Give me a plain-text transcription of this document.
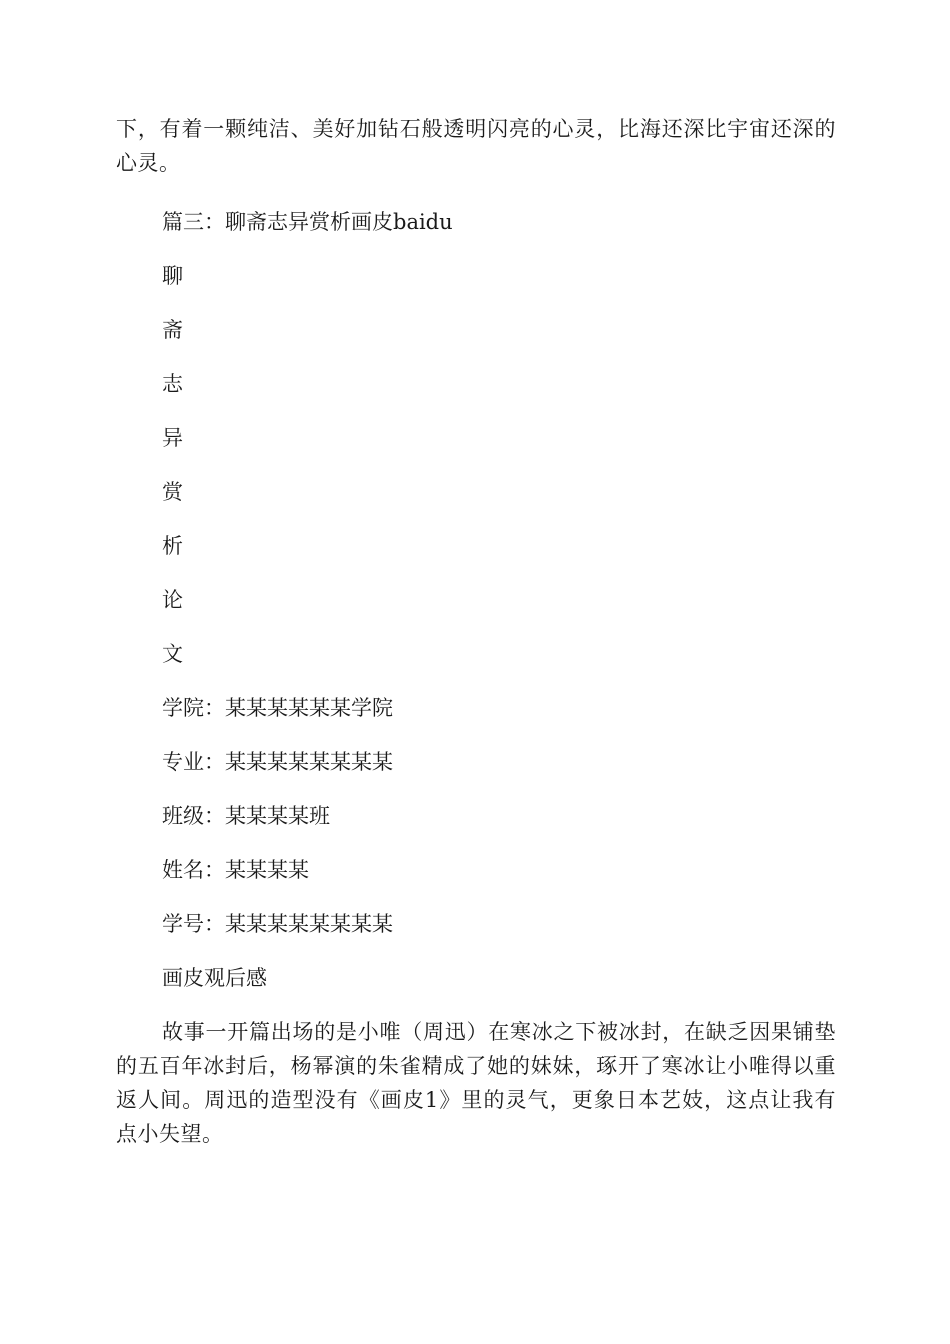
下，有着一颗纯洁、美好加钻石般透明闪亮的心灵，比海还深比宇宙还深的心灵。

篇三：聊斋志异赏析画皮baidu

聊

斋

志

异

赏

析

论

文

学院：某某某某某某学院

专业：某某某某某某某某

班级：某某某某班

姓名：某某某某

学号：某某某某某某某某

画皮观后感

故事一开篇出场的是小唯（周迅）在寒冰之下被冰封，在缺乏因果铺垫的五百年冰封后，杨幂演的朱雀精成了她的妹妹，琢开了寒冰让小唯得以重返人间。周迅的造型没有《画皮1》里的灵气，更象日本艺妓，这点让我有点小失望。
